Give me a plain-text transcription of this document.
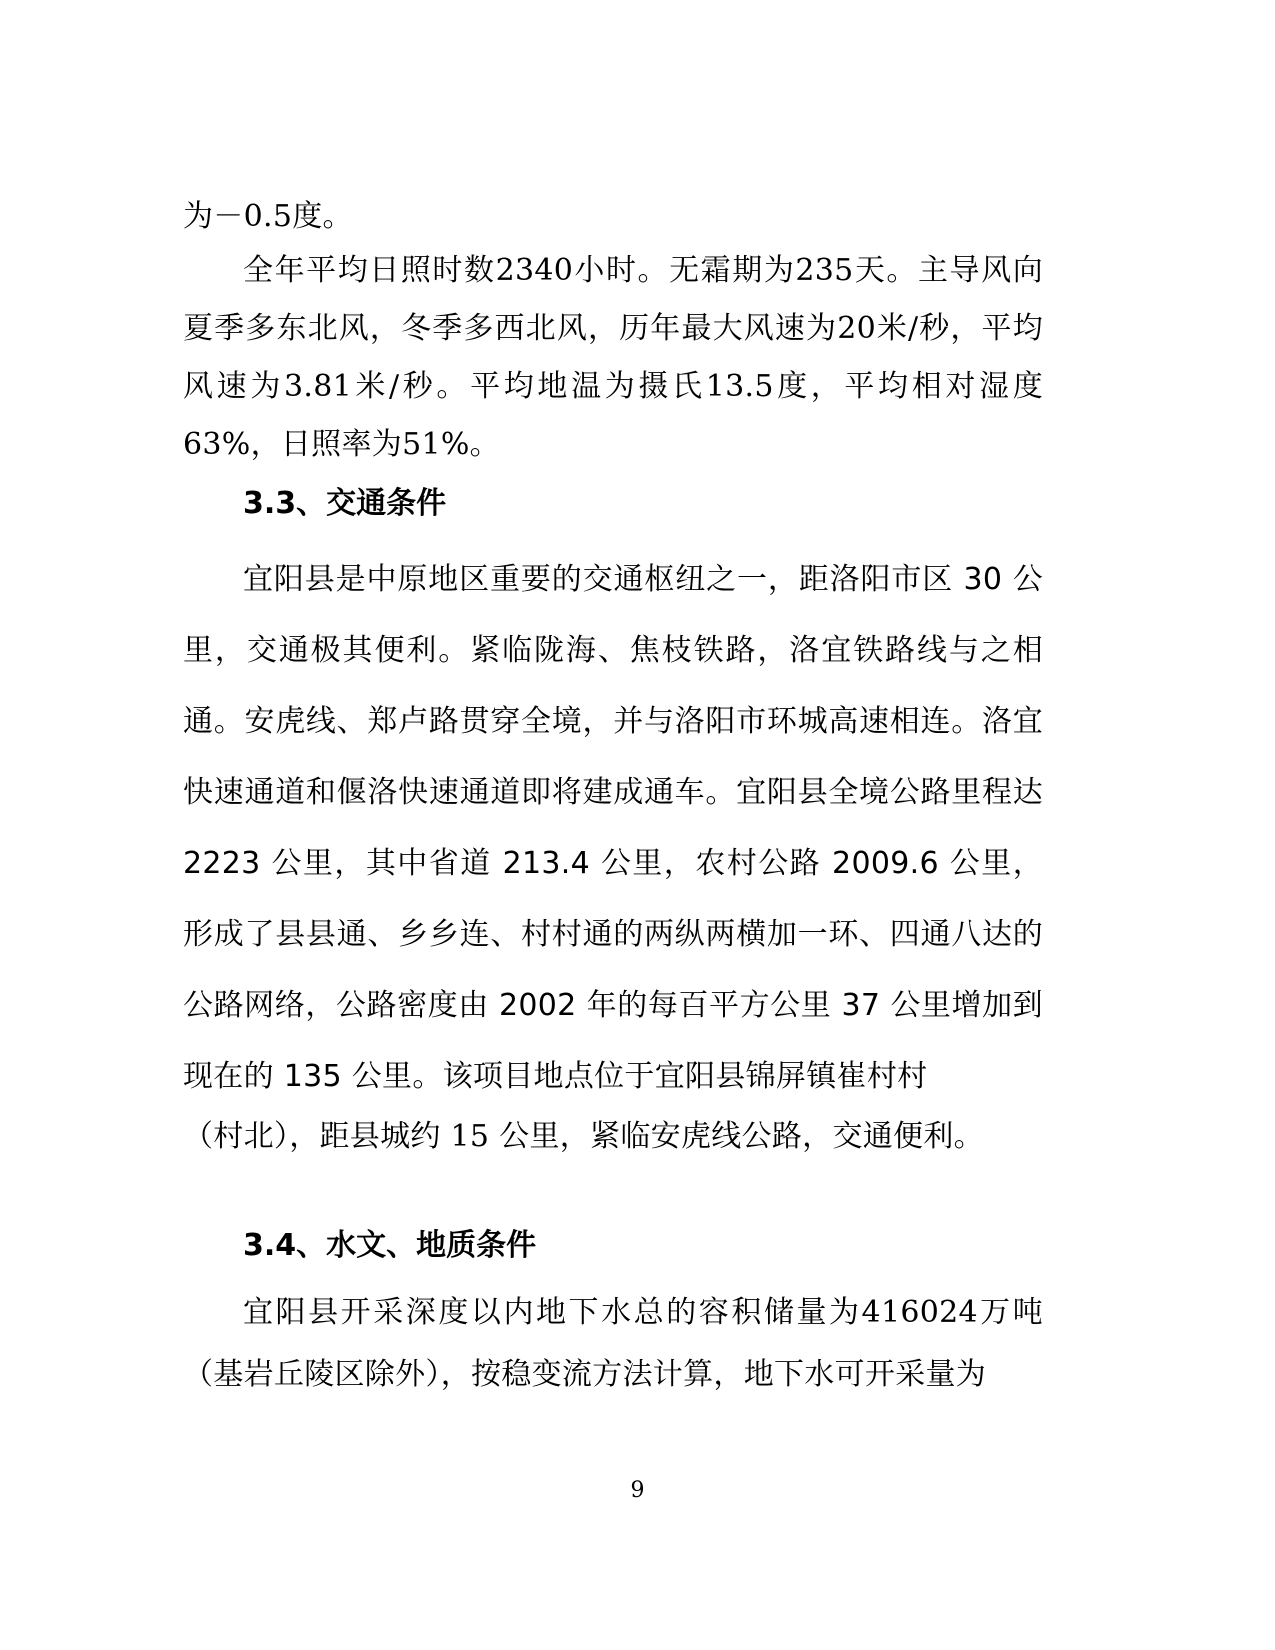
为－0.5度。

全年平均日照时数2340小时。无霜期为235天。主导风向夏季多东北风，冬季多西北风，历年最大风速为20米/秒，平均风速为3.81米/秒。平均地温为摄氏13.5度，平均相对湿度63%，日照率为51%。

3.3、交通条件

宜阳县是中原地区重要的交通枢纽之一，距洛阳市区 30 公里，交通极其便利。紧临陇海、焦枝铁路，洛宜铁路线与之相通。安虎线、郑卢路贯穿全境，并与洛阳市环城高速相连。洛宜快速通道和偃洛快速通道即将建成通车。宜阳县全境公路里程达 2223 公里，其中省道 213.4 公里，农村公路 2009.6 公里，形成了县县通、乡乡连、村村通的两纵两横加一环、四通八达的公路网络，公路密度由 2002 年的每百平方公里 37 公里增加到现在的 135 公里。该项目地点位于宜阳县锦屏镇崔村村

（村北），距县城约 15 公里，紧临安虎线公路，交通便利。

3.4、水文、地质条件

宜阳县开采深度以内地下水总的容积储量为416024万吨（基岩丘陵区除外），按稳变流方法计算，地下水可开采量为

9
